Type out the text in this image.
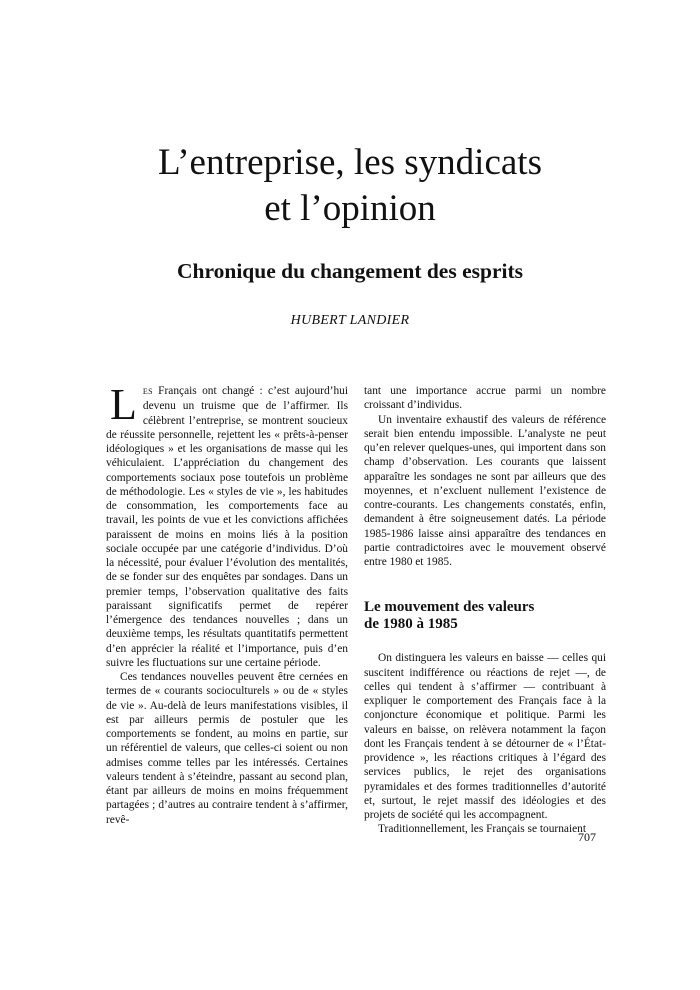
L’entreprise, les syndicats
et l’opinion
Chronique du changement des esprits
HUBERT LANDIER

LES Français ont changé : c’est aujourd’hui devenu un truisme que de l’affirmer. Ils célèbrent l’entreprise, se montrent soucieux de réussite personnelle, rejettent les « prêts-à-penser idéologiques » et les organisations de masse qui les véhiculaient. L’appréciation du changement des comportements sociaux pose toutefois un problème de méthodologie. Les « styles de vie », les habitudes de consommation, les comportements face au travail, les points de vue et les convictions affichées paraissent de moins en moins liés à la position sociale occupée par une catégorie d’individus. D’où la nécessité, pour évaluer l’évolution des mentalités, de se fonder sur des enquêtes par sondages. Dans un premier temps, l’observation qualitative des faits paraissant significatifs permet de repérer l’émergence des tendances nouvelles ; dans un deuxième temps, les résultats quantitatifs permettent d’en apprécier la réalité et l’importance, puis d’en suivre les fluctuations sur une certaine période.

Ces tendances nouvelles peuvent être cernées en termes de « courants socioculturels » ou de « styles de vie ». Au-delà de leurs manifestations visibles, il est par ailleurs permis de postuler que les comportements se fondent, au moins en partie, sur un référentiel de valeurs, que celles-ci soient ou non admises comme telles par les intéressés. Certaines valeurs tendent à s’éteindre, passant au second plan, étant par ailleurs de moins en moins fréquemment partagées ; d’autres au contraire tendent à s’affirmer, revê-

tant une importance accrue parmi un nombre croissant d’individus.

Un inventaire exhaustif des valeurs de référence serait bien entendu impossible. L’analyste ne peut qu’en relever quelques-unes, qui importent dans son champ d’observation. Les courants que laissent apparaître les sondages ne sont par ailleurs que des moyennes, et n’excluent nullement l’existence de contre-courants. Les changements constatés, enfin, demandent à être soigneusement datés. La période 1985-1986 laisse ainsi apparaître des tendances en partie contradictoires avec le mouvement observé entre 1980 et 1985.

Le mouvement des valeurs
de 1980 à 1985

On distinguera les valeurs en baisse — celles qui suscitent indifférence ou réactions de rejet —, de celles qui tendent à s’affirmer — contribuant à expliquer le comportement des Français face à la conjoncture économique et politique. Parmi les valeurs en baisse, on relèvera notamment la façon dont les Français tendent à se détourner de « l’État-providence », les réactions critiques à l’égard des services publics, le rejet des organisations pyramidales et des formes traditionnelles d’autorité et, surtout, le rejet massif des idéologies et des projets de société qui les accompagnent.

Traditionnellement, les Français se tournaient

707
